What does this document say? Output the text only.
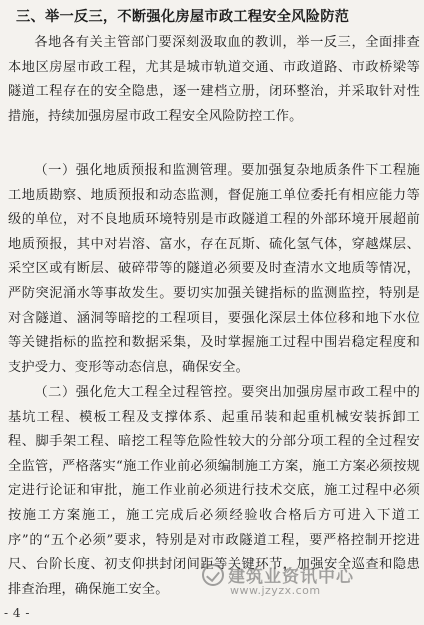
三、举一反三，不断强化房屋市政工程安全风险防范

各地各有关主管部门要深刻汲取血的教训，举一反三，全面排查本地区房屋市政工程，尤其是城市轨道交通、市政道路、市政桥梁等隧道工程存在的安全隐患，逐一建档立册，闭环整治，并采取针对性措施，持续加强房屋市政工程安全风险防控工作。

（一）强化地质预报和监测管理。要加强复杂地质条件下工程施工地质勘察、地质预报和动态监测，督促施工单位委托有相应能力等级的单位，对不良地质环境特别是市政隧道工程的外部环境开展超前地质预报，其中对岩溶、富水，存在瓦斯、硫化氢气体，穿越煤层、采空区或有断层、破碎带等的隧道必须要及时查清水文地质等情况，严防突泥涌水等事故发生。要切实加强关键指标的监测监控，特别是对含隧道、涵洞等暗挖的工程项目，要强化深层土体位移和地下水位等关键指标的监控和数据采集，及时掌握施工过程中围岩稳定程度和支护受力、变形等动态信息，确保安全。

（二）强化危大工程全过程管控。要突出加强房屋市政工程中的基坑工程、模板工程及支撑体系、起重吊装和起重机械安装拆卸工程、脚手架工程、暗挖工程等危险性较大的分部分项工程的全过程安全监管，严格落实“施工作业前必须编制施工方案，施工方案必须按规定进行论证和审批，施工作业前必须进行技术交底，施工过程中必须按施工方案施工，施工完成后必须经验收合格后方可进入下道工序”的“五个必须”要求，特别是对市政隧道工程，要严格控制开挖进尺、台阶长度、初支仰拱封闭间距等关键环节，加强安全巡查和隐患排查治理，确保施工安全。

- 4 -
建筑业资讯中心
www.jzyzx.com
